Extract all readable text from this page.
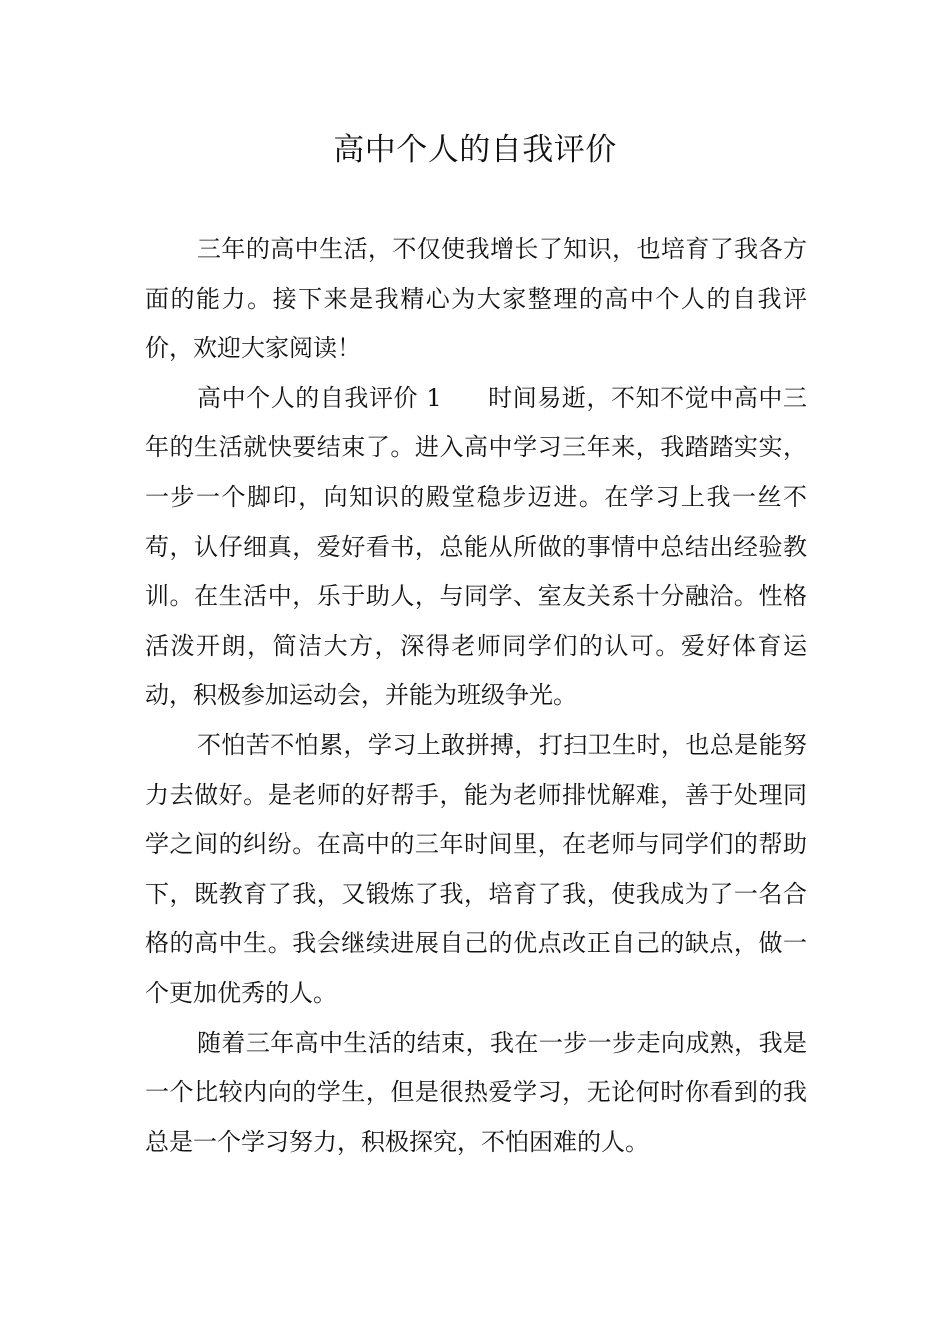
高中个人的自我评价

三年的高中生活，不仅使我增长了知识，也培育了我各方面的能力。接下来是我精心为大家整理的高中个人的自我评价，欢迎大家阅读！

高中个人的自我评价 1 时间易逝，不知不觉中高中三年的生活就快要结束了。进入高中学习三年来，我踏踏实实，一步一个脚印，向知识的殿堂稳步迈进。在学习上我一丝不苟，认仔细真，爱好看书，总能从所做的事情中总结出经验教训。在生活中，乐于助人，与同学、室友关系十分融洽。性格活泼开朗，简洁大方，深得老师同学们的认可。爱好体育运动，积极参加运动会，并能为班级争光。

不怕苦不怕累，学习上敢拼搏，打扫卫生时，也总是能努力去做好。是老师的好帮手，能为老师排忧解难，善于处理同学之间的纠纷。在高中的三年时间里，在老师与同学们的帮助下，既教育了我，又锻炼了我，培育了我，使我成为了一名合格的高中生。我会继续进展自己的优点改正自己的缺点，做一个更加优秀的人。

随着三年高中生活的结束，我在一步一步走向成熟，我是一个比较内向的学生，但是很热爱学习，无论何时你看到的我总是一个学习努力，积极探究，不怕困难的人。
